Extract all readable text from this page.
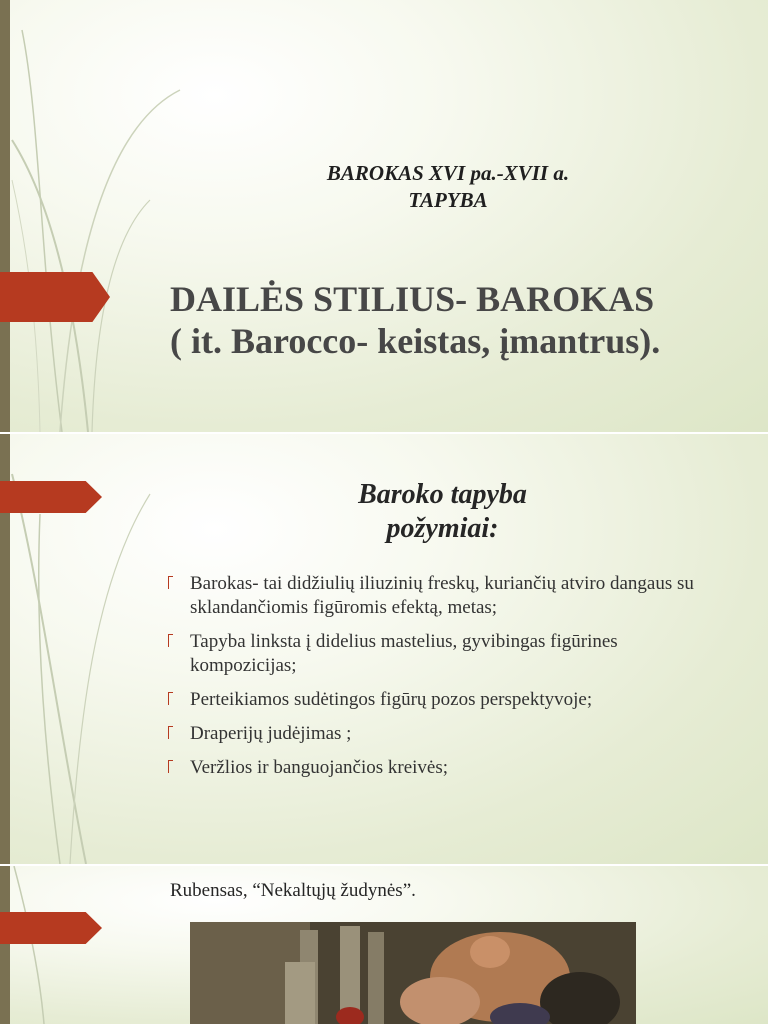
BAROKAS XVI pa.-XVII a.
TAPYBA
DAILĖS STILIUS- BAROKAS
( it. Barocco- keistas, įmantrus).
Baroko tapyba
požymiai:
Barokas- tai didžiulių iliuzinių freskų, kuriančių atviro dangaus su sklandančiomis figūromis efektą, metas;
Tapyba linksta į didelius mastelius, gyvibingas figūrines kompozicijas;
Perteikiamos sudėtingos figūrų pozos perspektyvoje;
Draperijų judėjimas ;
Veržlios ir banguojančios kreivės;
Rubensas, “Nekaltųjų žudynės”.
